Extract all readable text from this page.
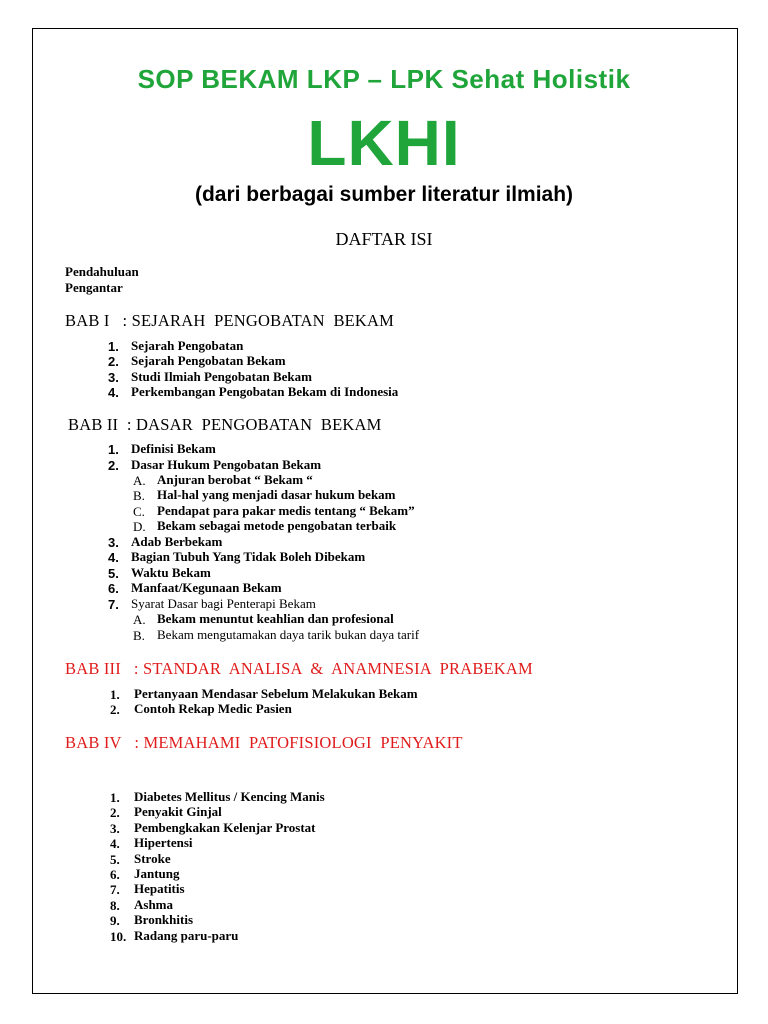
SOP BEKAM LKP – LPK Sehat Holistik
LKHI
(dari berbagai sumber literatur ilmiah)
DAFTAR ISI
Pendahuluan
Pengantar
BAB I   : SEJARAH  PENGOBATAN  BEKAM
1. Sejarah Pengobatan
2. Sejarah Pengobatan Bekam
3. Studi Ilmiah Pengobatan Bekam
4. Perkembangan Pengobatan Bekam di Indonesia
BAB II  : DASAR  PENGOBATAN  BEKAM
1. Definisi Bekam
2. Dasar Hukum Pengobatan Bekam
A. Anjuran berobat “ Bekam “
B. Hal-hal yang menjadi dasar hukum bekam
C. Pendapat para pakar medis tentang “ Bekam”
D. Bekam sebagai metode pengobatan terbaik
3. Adab Berbekam
4. Bagian Tubuh Yang Tidak Boleh Dibekam
5. Waktu Bekam
6. Manfaat/Kegunaan Bekam
7. Syarat Dasar bagi Penterapi Bekam
A. Bekam menuntut keahlian dan profesional
B. Bekam mengutamakan daya tarik bukan daya tarif
BAB III   : STANDAR  ANALISA  &  ANAMNESIA  PRABEKAM
1. Pertanyaan Mendasar Sebelum Melakukan Bekam
2. Contoh Rekap Medic Pasien
BAB IV   : MEMAHAMI  PATOFISIOLOGI  PENYAKIT
1. Diabetes Mellitus / Kencing Manis
2. Penyakit Ginjal
3. Pembengkakan Kelenjar Prostat
4. Hipertensi
5. Stroke
6. Jantung
7. Hepatitis
8. Ashma
9. Bronkhitis
10. Radang paru-paru
